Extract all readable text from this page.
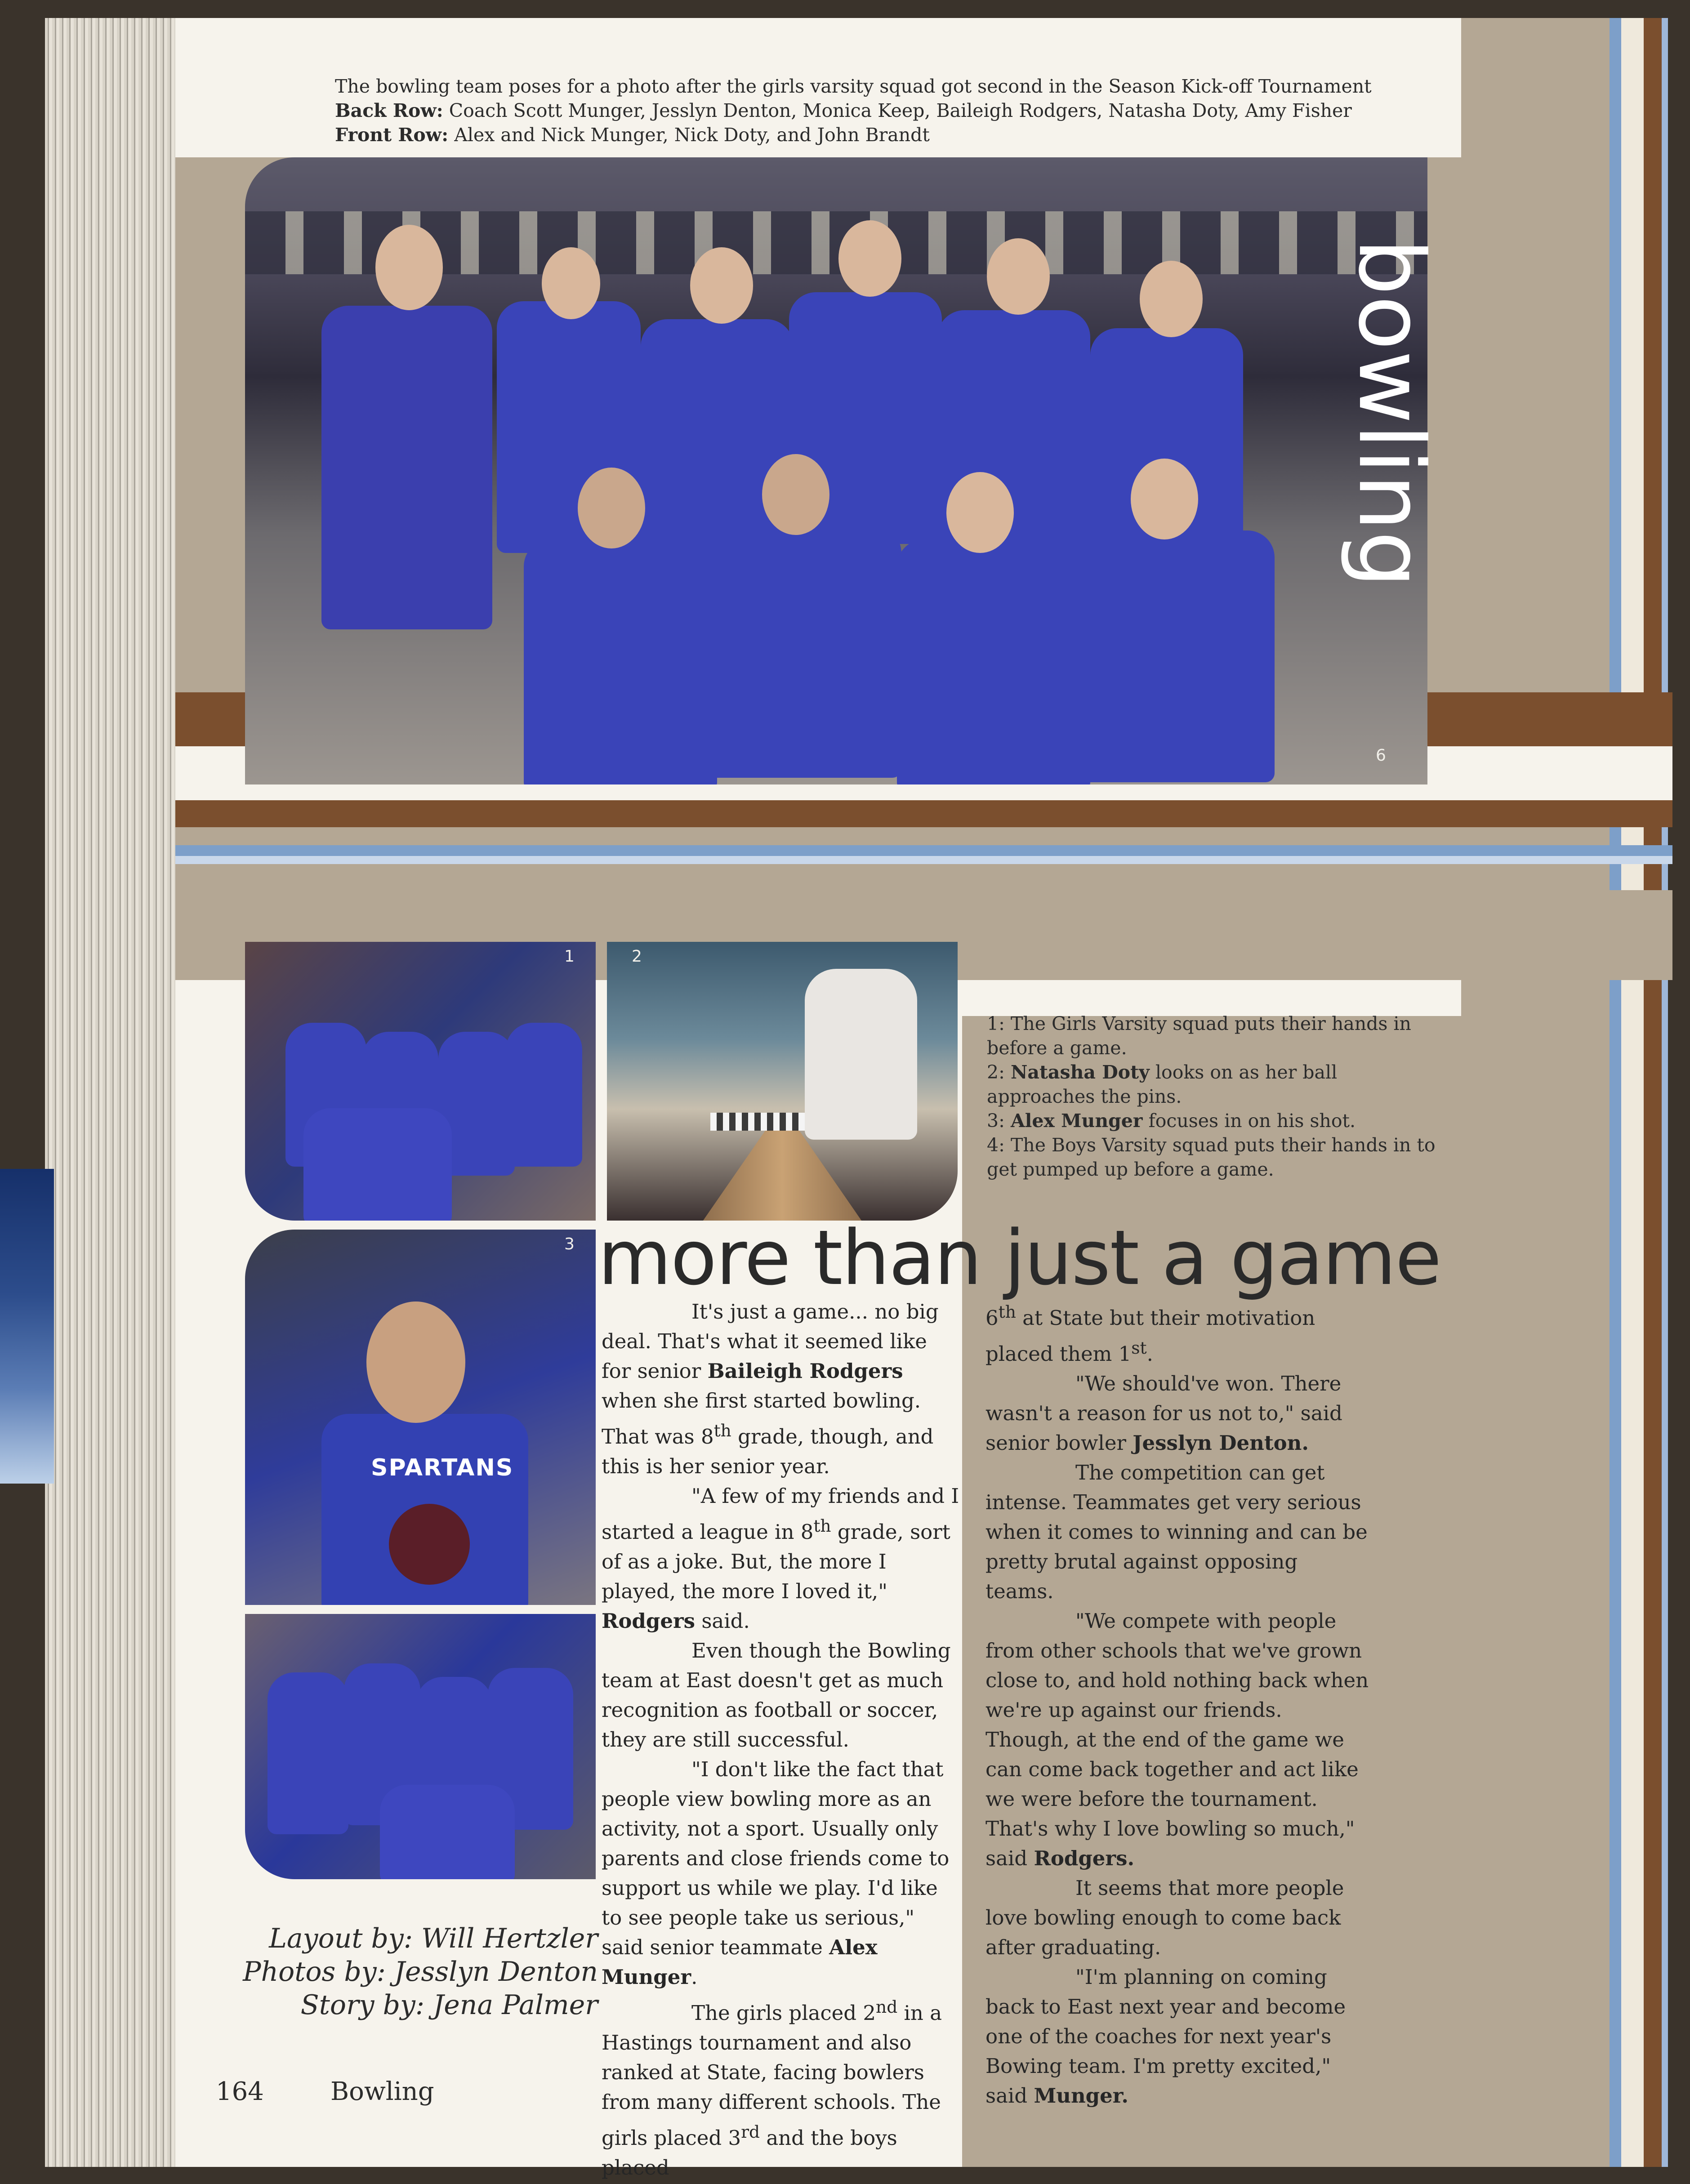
The bowling team poses for a photo after the girls varsity squad got second in the Season Kick-off Tournament
Back Row: Coach Scott Munger, Jesslyn Denton, Monica Keep, Baileigh Rodgers, Natasha Doty, Amy Fisher
Front Row: Alex and Nick Munger, Nick Doty, and John Brandt
6
bowling
1	2
SPARTANS
3
1: The Girls Varsity squad puts their hands in before a game.
2: Natasha Doty looks on as her ball approaches the pins.
3: Alex Munger focuses in on his shot.
4: The Boys Varsity squad puts their hands in to get pumped up before a game.
more than just a game

It's just a game... no big deal. That's what it seemed like for senior Baileigh Rodgers when she first started bowling. That was 8th grade, though, and this is her senior year.

"A few of my friends and I started a league in 8th grade, sort of as a joke. But, the more I played, the more I loved it," Rodgers said.

Even though the Bowling team at East doesn't get as much recognition as football or soccer, they are still successful.

"I don't like the fact that people view bowling more as an activity, not a sport. Usually only parents and close friends come to support us while we play. I'd like to see people take us serious," said senior teammate Alex Munger.

The girls placed 2nd in a Hastings tournament and also ranked at State, facing bowlers from many different schools. The girls placed 3rd and the boys placed

6th at State but their motivation placed them 1st.

"We should've won. There wasn't a reason for us not to," said senior bowler Jesslyn Denton.

The competition can get intense. Teammates get very serious when it comes to winning and can be pretty brutal against opposing teams.

"We compete with people from other schools that we've grown close to, and hold nothing back when we're up against our friends. Though, at the end of the game we can come back together and act like we were before the tournament. That's why I love bowling so much," said Rodgers.

It seems that more people love bowling enough to come back after graduating.

"I'm planning on coming back to East next year and become one of the coaches for next year's Bowing team. I'm pretty excited," said Munger.

Layout by: Will Hertzler
Photos by: Jesslyn Denton
Story by: Jena Palmer
164	Bowling
